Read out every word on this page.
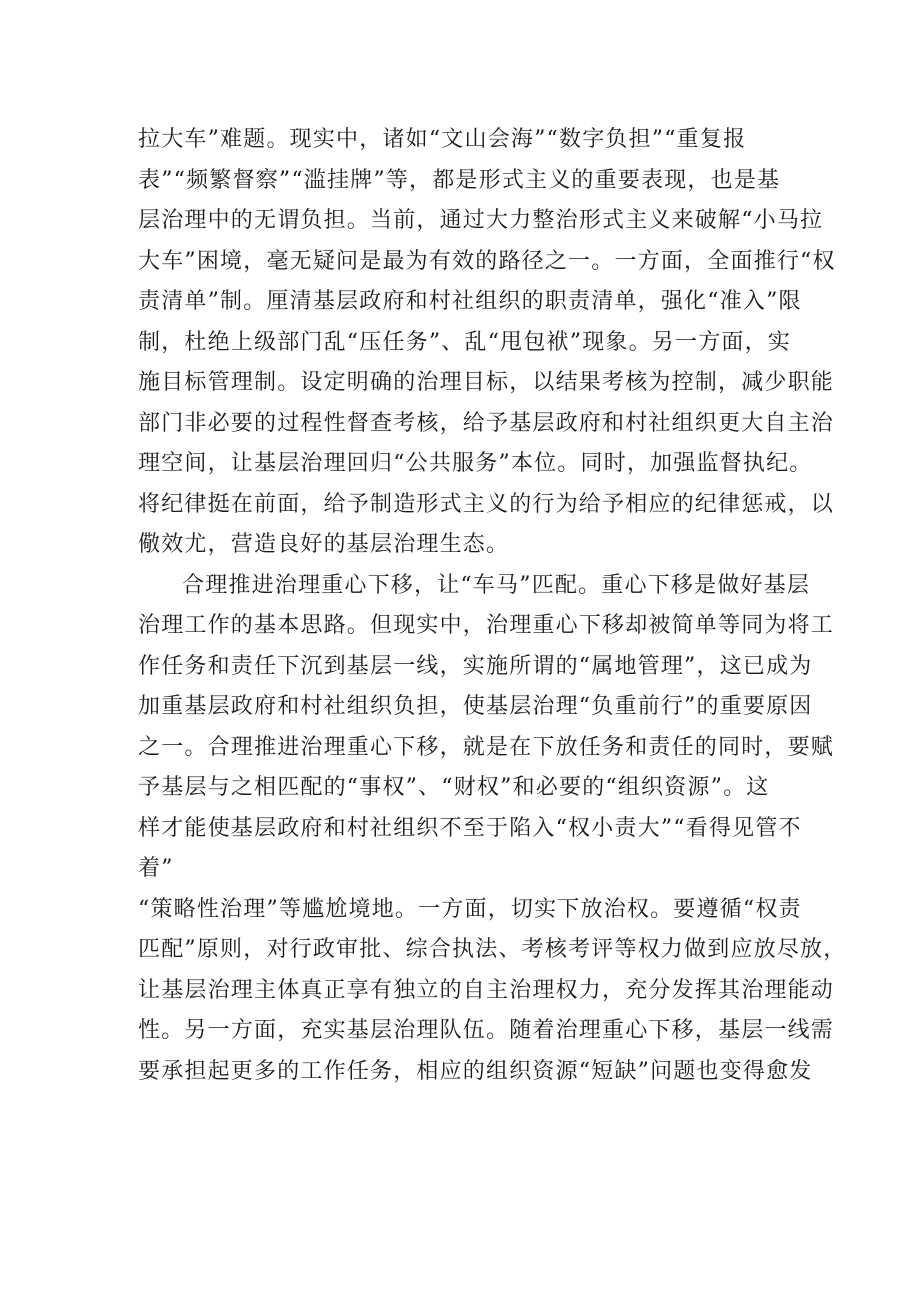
拉大车”难题。现实中，诸如“文山会海”“数字负担”“重复报
表”“频繁督察”“滥挂牌”等，都是形式主义的重要表现，也是基
层治理中的无谓负担。当前，通过大力整治形式主义来破解“小马拉
大车”困境，毫无疑问是最为有效的路径之一。一方面，全面推行“权
责清单”制。厘清基层政府和村社组织的职责清单，强化“准入”限
制，杜绝上级部门乱“压任务”、乱“甩包袱”现象。另一方面，实
施目标管理制。设定明确的治理目标，以结果考核为控制，减少职能
部门非必要的过程性督查考核，给予基层政府和村社组织更大自主治
理空间，让基层治理回归“公共服务”本位。同时，加强监督执纪。
将纪律挺在前面，给予制造形式主义的行为给予相应的纪律惩戒，以
儆效尤，营造良好的基层治理生态。
合理推进治理重心下移，让“车马”匹配。重心下移是做好基层
治理工作的基本思路。但现实中，治理重心下移却被简单等同为将工
作任务和责任下沉到基层一线，实施所谓的“属地管理”，这已成为
加重基层政府和村社组织负担，使基层治理“负重前行”的重要原因
之一。合理推进治理重心下移，就是在下放任务和责任的同时，要赋
予基层与之相匹配的“事权”、“财权”和必要的“组织资源”。这
样才能使基层政府和村社组织不至于陷入“权小责大”“看得见管不
着”
“策略性治理”等尴尬境地。一方面，切实下放治权。要遵循“权责
匹配”原则，对行政审批、综合执法、考核考评等权力做到应放尽放，
让基层治理主体真正享有独立的自主治理权力，充分发挥其治理能动
性。另一方面，充实基层治理队伍。随着治理重心下移，基层一线需
要承担起更多的工作任务，相应的组织资源“短缺”问题也变得愈发
